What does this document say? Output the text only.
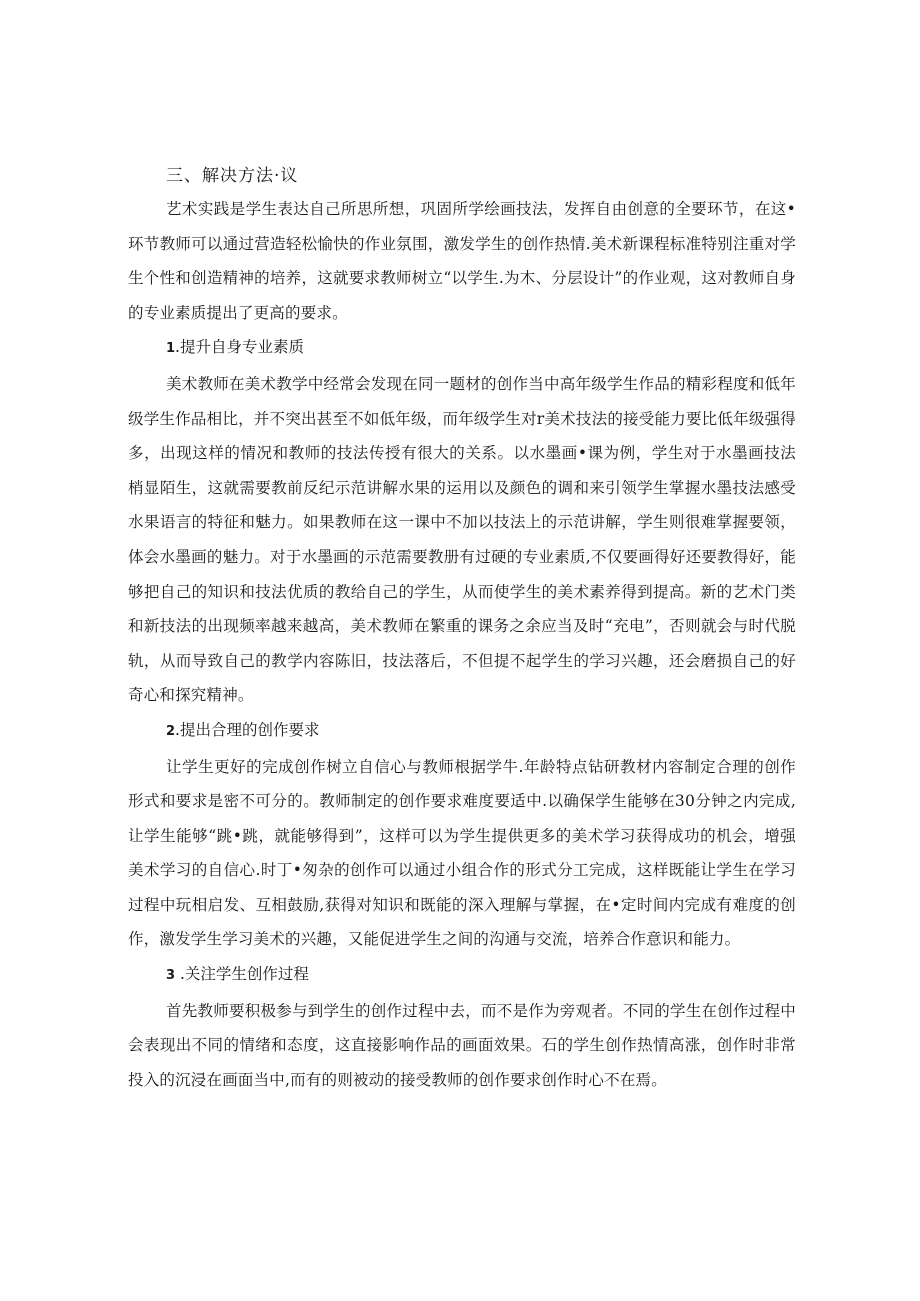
三、解决方法·议

艺术实践是学生表达自己所思所想，巩固所学绘画技法，发挥自由创意的全要环节，在这•环节教师可以通过营造轻松愉快的作业氛围，激发学生的创作热情.美术新课程标准特别注重对学生个性和创造精神的培养，这就要求教师树立“以学生.为木、分层设计”的作业观，这对教师自身的专业素质提出了更高的要求。

1.提升自身专业素质

美术教师在美术教学中经常会发现在同一题材的创作当中高年级学生作品的精彩程度和低年级学生作品相比，并不突出甚至不如低年级，而年级学生对r美术技法的接受能力要比低年级强得多，出现这样的情况和教师的技法传授有很大的关系。以水墨画•课为例，学生对于水墨画技法梢显陌生，这就需要教前反纪示范讲解水果的运用以及颜色的调和来引领学生掌握水墨技法感受水果语言的特征和魅力。如果教师在这一课中不加以技法上的示范讲解，学生则很难掌握要领，体会水墨画的魅力。对于水墨画的示范需要教册有过硬的专业素质,不仅要画得好还要教得好，能够把自己的知识和技法优质的教给自己的学生，从而使学生的美术素养得到提高。新的艺术门类和新技法的出现频率越来越高，美术教师在繁重的课务之余应当及时“充电”，否则就会与时代脱轨，从而导致自己的教学内容陈旧，技法落后，不但提不起学生的学习兴趣，还会磨损自己的好奇心和探究精神。

2.提出合理的创作要求

让学生更好的完成创作树立自信心与教师根据学牛.年龄特点钻研教材内容制定合理的创作形式和要求是密不可分的。教师制定的创作要求难度要适中.以确保学生能够在30分钟之内完成,让学生能够“跳•跳，就能够得到”，这样可以为学生提供更多的美术学习获得成功的机会，增强美术学习的自信心.时丁•匆杂的创作可以通过小组合作的形式分工完成，这样既能让学生在学习过程中玩相启发、互相鼓励,获得对知识和既能的深入理解与掌握，在•定时间内完成有难度的创作，激发学生学习美术的兴趣，又能促进学生之间的沟通与交流，培养合作意识和能力。

3 .关注学生创作过程

首先教师要积极参与到学生的创作过程中去，而不是作为旁观者。不同的学生在创作过程中会表现出不同的情绪和态度，这直接影响作品的画面效果。石的学生创作热情高涨，创作时非常投入的沉浸在画面当中,而有的则被动的接受教师的创作要求创作时心不在焉。
